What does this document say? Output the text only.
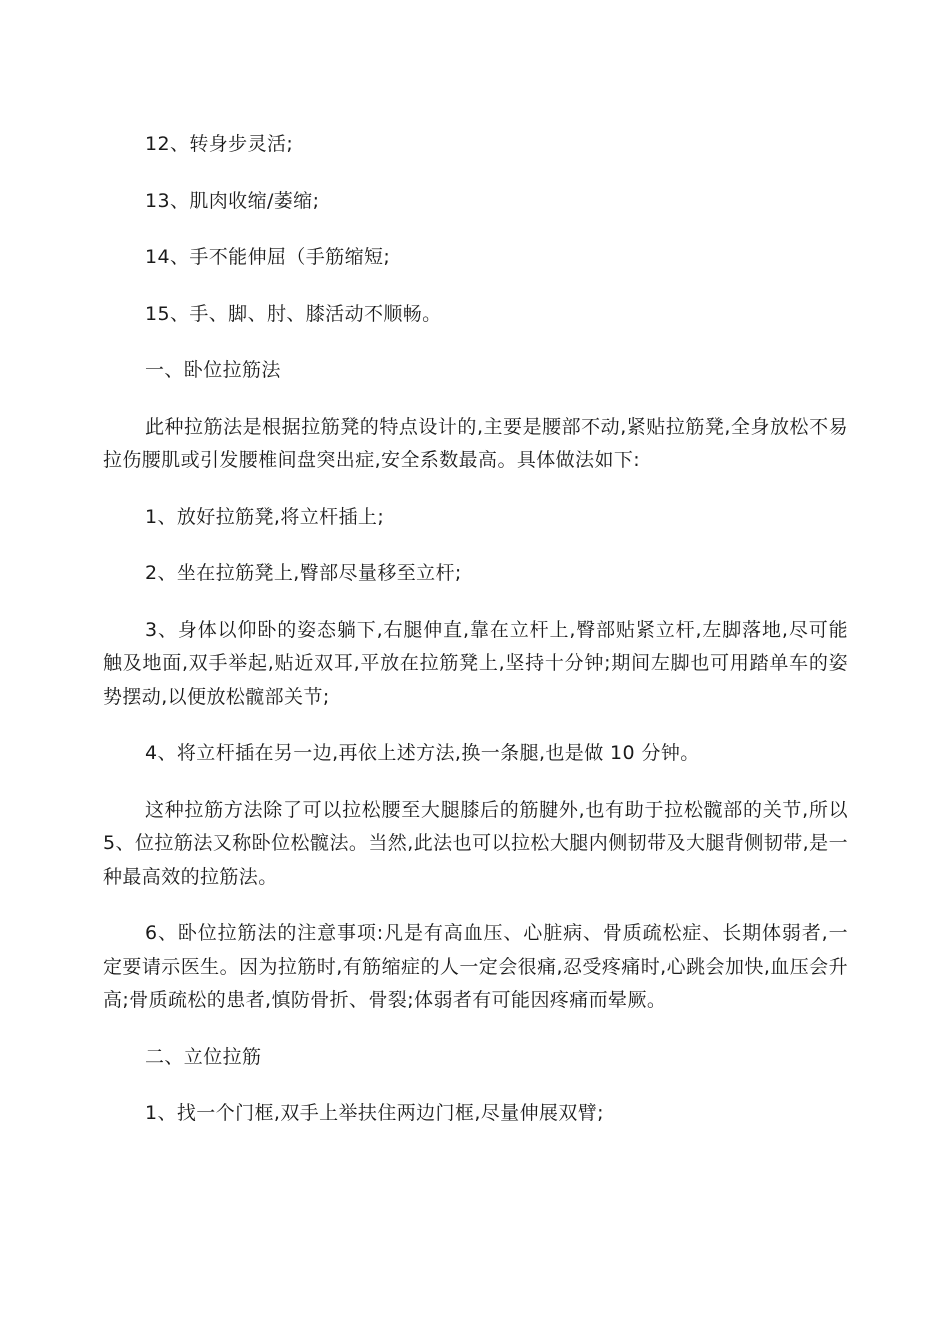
12、转身步灵活;

13、肌肉收缩/萎缩;

14、手不能伸屈（手筋缩短;

15、手、脚、肘、膝活动不顺畅。

一、卧位拉筋法

此种拉筋法是根据拉筋凳的特点设计的,主要是腰部不动,紧贴拉筋凳,全身放松不易拉伤腰肌或引发腰椎间盘突出症,安全系数最高。具体做法如下:

1、放好拉筋凳,将立杆插上;

2、坐在拉筋凳上,臀部尽量移至立杆;

3、身体以仰卧的姿态躺下,右腿伸直,靠在立杆上,臀部贴紧立杆,左脚落地,尽可能触及地面,双手举起,贴近双耳,平放在拉筋凳上,坚持十分钟;期间左脚也可用踏单车的姿势摆动,以便放松髋部关节;

4、将立杆插在另一边,再依上述方法,换一条腿,也是做 10 分钟。

这种拉筋方法除了可以拉松腰至大腿膝后的筋腱外,也有助于拉松髋部的关节,所以 5、位拉筋法又称卧位松髋法。当然,此法也可以拉松大腿内侧韧带及大腿背侧韧带,是一种最高效的拉筋法。

6、卧位拉筋法的注意事项:凡是有高血压、心脏病、骨质疏松症、长期体弱者,一定要请示医生。因为拉筋时,有筋缩症的人一定会很痛,忍受疼痛时,心跳会加快,血压会升高;骨质疏松的患者,慎防骨折、骨裂;体弱者有可能因疼痛而晕厥。

二、立位拉筋

1、找一个门框,双手上举扶住两边门框,尽量伸展双臂;
